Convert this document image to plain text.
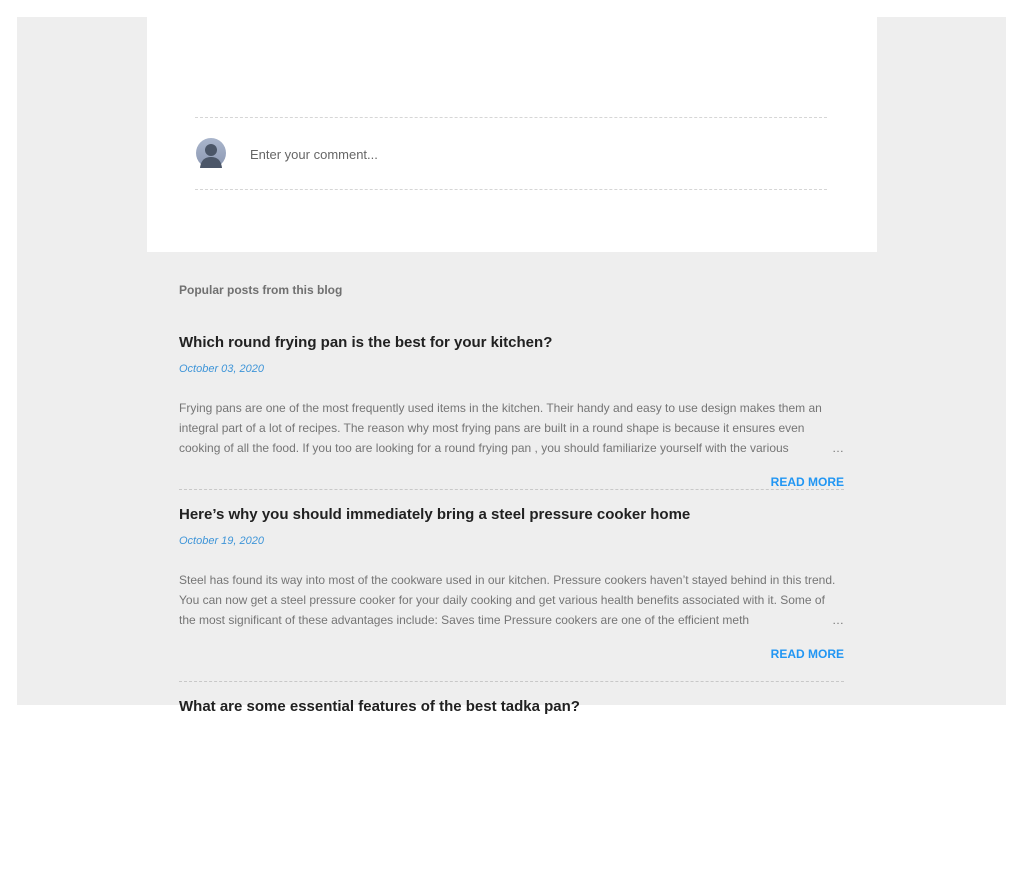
Enter your comment...
Popular posts from this blog
Which round frying pan is the best for your kitchen?
October 03, 2020
Frying pans are one of the most frequently used items in the kitchen. Their handy and easy to use design makes them an integral part of a lot of recipes. The reason why most frying pans are built in a round shape is because it ensures even cooking of all the food. If you too are looking for a round frying pan , you should familiarize yourself with the various	…
READ MORE
Here’s why you should immediately bring a steel pressure cooker home
October 19, 2020
Steel has found its way into most of the cookware used in our kitchen. Pressure cookers haven’t stayed behind in this trend. You can now get a steel pressure cooker for your daily cooking and get various health benefits associated with it. Some of the most significant of these advantages include: Saves time Pressure cookers are one of the efficient meth	…
READ MORE
What are some essential features of the best tadka pan?
